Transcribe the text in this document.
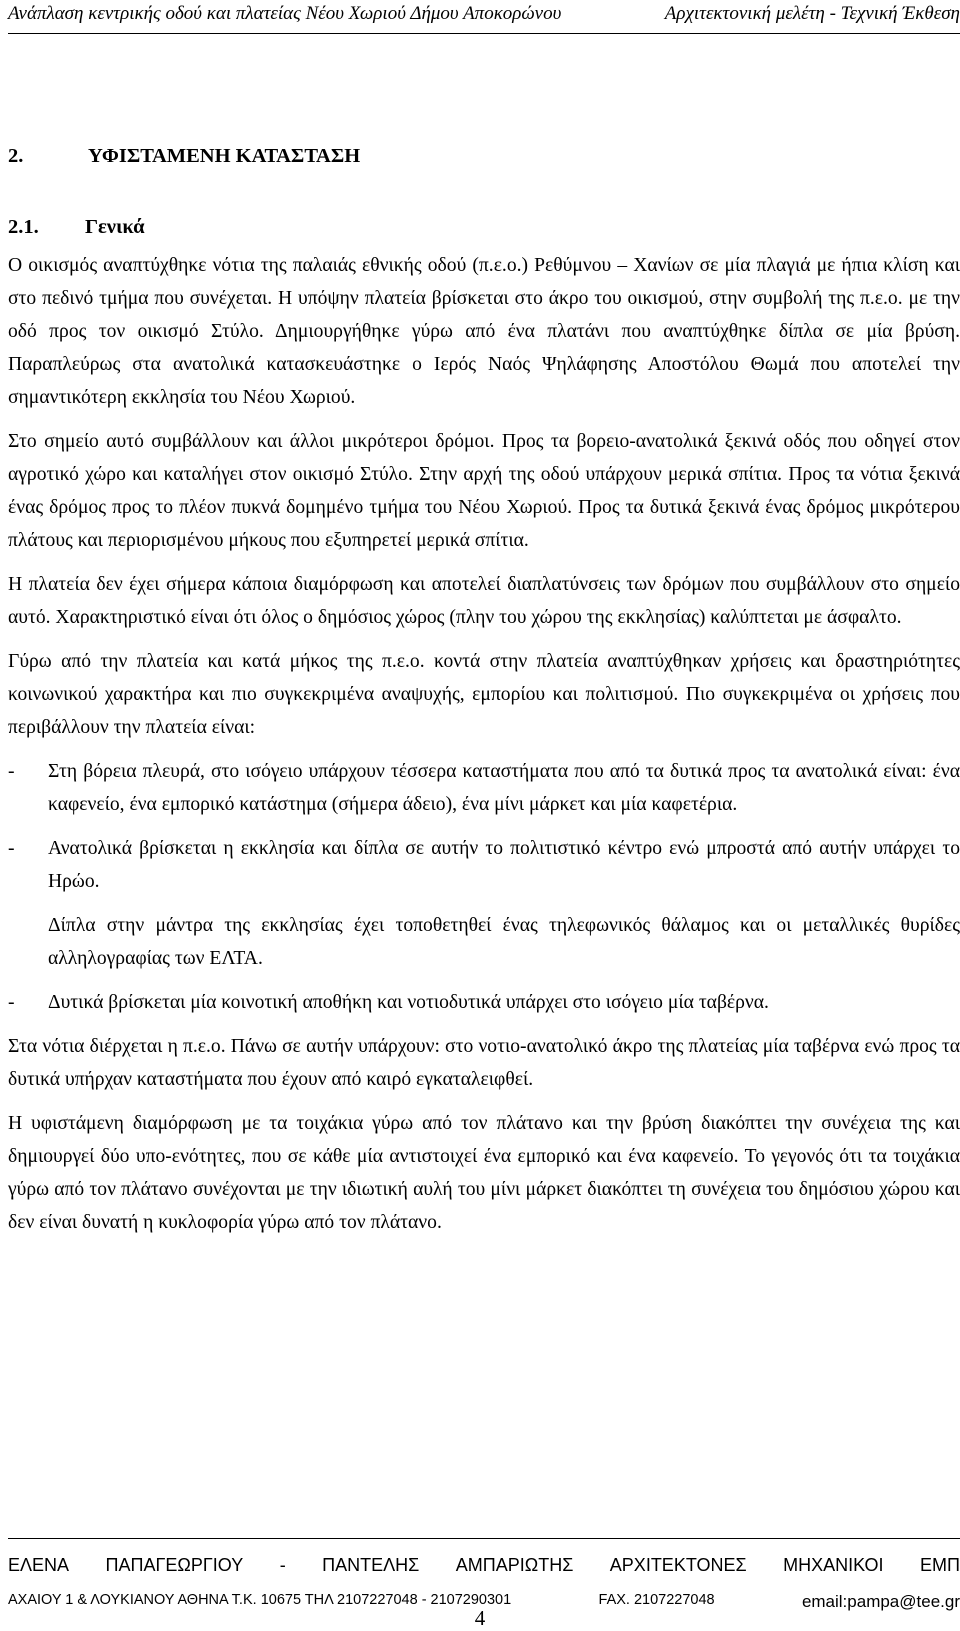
Ανάπλαση κεντρικής οδού και πλατείας Νέου Χωριού Δήμου Αποκορώνου	Αρχιτεκτονική μελέτη - Τεχνική Έκθεση
2.	ΥΦΙΣΤΑΜΕΝΗ ΚΑΤΑΣΤΑΣΗ
2.1.	Γενικά

Ο οικισμός αναπτύχθηκε νότια της παλαιάς εθνικής οδού (π.ε.ο.) Ρεθύμνου – Χανίων σε μία πλαγιά με ήπια κλίση και στο πεδινό τμήμα που συνέχεται. Η υπόψην πλατεία βρίσκεται στο άκρο του οικισμού, στην συμβολή της π.ε.ο. με την οδό προς τον οικισμό Στύλο. Δημιουργήθηκε γύρω από ένα πλατάνι που αναπτύχθηκε δίπλα σε μία βρύση. Παραπλεύρως στα ανατολικά κατασκευάστηκε ο Ιερός Ναός Ψηλάφησης Αποστόλου Θωμά που αποτελεί την σημαντικότερη εκκλησία του Νέου Χωριού.

Στο σημείο αυτό συμβάλλουν και άλλοι μικρότεροι δρόμοι. Προς τα βορειο-ανατολικά ξεκινά οδός που οδηγεί στον αγροτικό χώρο και καταλήγει στον οικισμό Στύλο. Στην αρχή της οδού υπάρχουν μερικά σπίτια. Προς τα νότια ξεκινά ένας δρόμος προς το πλέον πυκνά δομημένο τμήμα του Νέου Χωριού. Προς τα δυτικά ξεκινά ένας δρόμος μικρότερου πλάτους και περιορισμένου μήκους που εξυπηρετεί μερικά σπίτια.

Η πλατεία δεν έχει σήμερα κάποια διαμόρφωση και αποτελεί διαπλατύνσεις των δρόμων που συμβάλλουν στο σημείο αυτό. Χαρακτηριστικό είναι ότι όλος ο δημόσιος χώρος (πλην του χώρου της εκκλησίας) καλύπτεται με άσφαλτο.

Γύρω από την πλατεία και κατά μήκος της π.ε.ο. κοντά στην πλατεία αναπτύχθηκαν χρήσεις και δραστηριότητες κοινωνικού χαρακτήρα και πιο συγκεκριμένα αναψυχής, εμπορίου και πολιτισμού. Πιο συγκεκριμένα οι χρήσεις που περιβάλλουν την πλατεία είναι:

-	Στη βόρεια πλευρά, στο ισόγειο υπάρχουν τέσσερα καταστήματα που από τα δυτικά προς τα ανατολικά είναι: ένα καφενείο, ένα εμπορικό κατάστημα (σήμερα άδειο), ένα μίνι μάρκετ και μία καφετέρια.
-	Ανατολικά βρίσκεται η εκκλησία και δίπλα σε αυτήν το πολιτιστικό κέντρο ενώ μπροστά από αυτήν υπάρχει το Ηρώο.

Δίπλα στην μάντρα της εκκλησίας έχει τοποθετηθεί ένας τηλεφωνικός θάλαμος και οι μεταλλικές θυρίδες αλληλογραφίας των ΕΛΤΑ.

-	Δυτικά βρίσκεται μία κοινοτική αποθήκη και νοτιοδυτικά υπάρχει στο ισόγειο μία ταβέρνα.

Στα νότια διέρχεται η π.ε.ο. Πάνω σε αυτήν υπάρχουν: στο νοτιο-ανατολικό άκρο της πλατείας μία ταβέρνα ενώ προς τα δυτικά υπήρχαν καταστήματα που έχουν από καιρό εγκαταλειφθεί.

Η υφιστάμενη διαμόρφωση με τα τοιχάκια γύρω από τον πλάτανο και την βρύση διακόπτει την συνέχεια της και δημιουργεί δύο υπο-ενότητες, που σε κάθε μία αντιστοιχεί ένα εμπορικό και ένα καφενείο. Το γεγονός ότι τα τοιχάκια γύρω από τον πλάτανο συνέχονται με την ιδιωτική αυλή του μίνι μάρκετ διακόπτει τη συνέχεια του δημόσιου χώρου και δεν είναι δυνατή η κυκλοφορία γύρω από τον πλάτανο.

ΕΛΕΝΑ ΠΑΠΑΓΕΩΡΓΙΟΥ - ΠΑΝΤΕΛΗΣ ΑΜΠΑΡΙΩΤΗΣ ΑΡΧΙΤΕΚΤΟΝΕΣ ΜΗΧΑΝΙΚΟΙ ΕΜΠ
ΑΧΑΙΟΥ 1 & ΛΟΥΚΙΑΝΟΥ ΑΘΗΝΑ Τ.Κ. 10675 ΤΗΛ 2107227048 - 2107290301	FAX. 2107227048	email:pampa@tee.gr
4
